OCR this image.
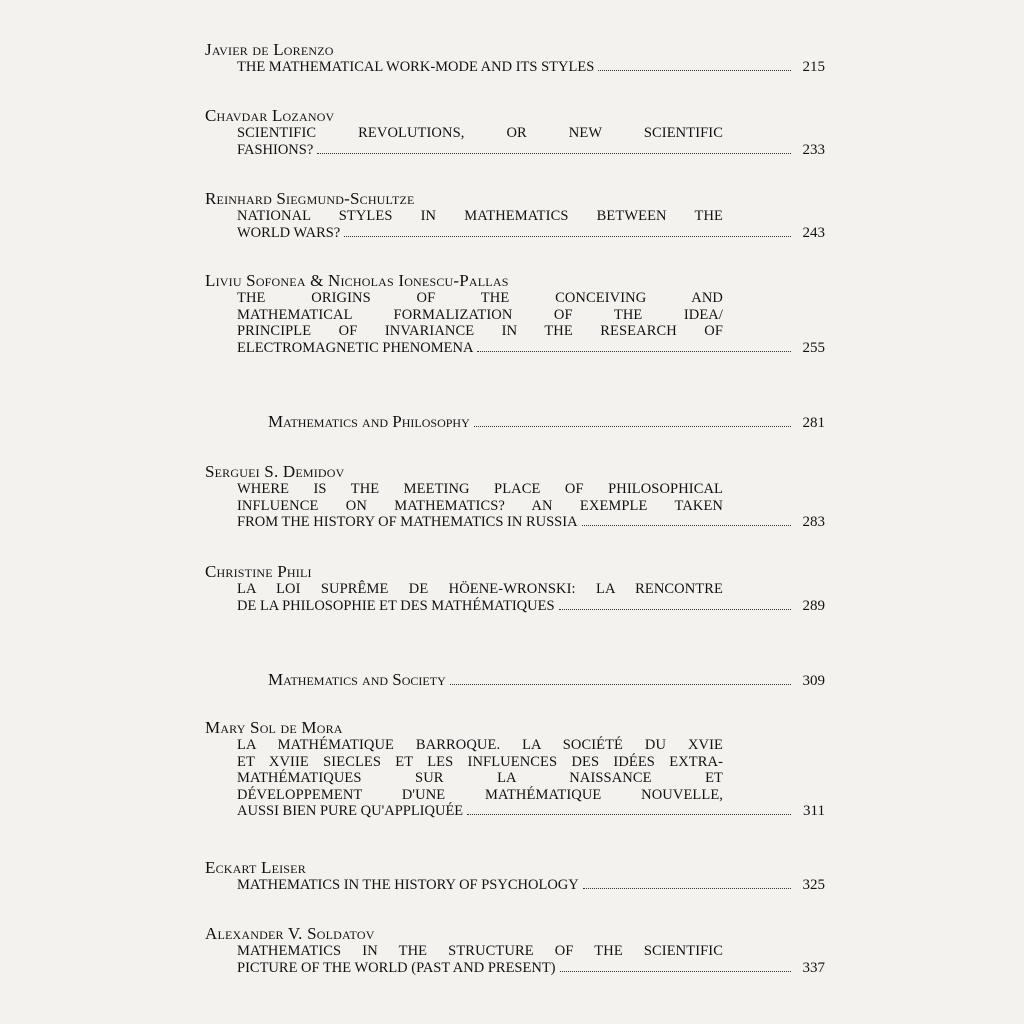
Javier de Lorenzo
THE MATHEMATICAL WORK-MODE AND ITS STYLES	215
Chavdar Lozanov
SCIENTIFIC REVOLUTIONS, OR NEW SCIENTIFIC
FASHIONS?	233
Reinhard Siegmund-Schultze
NATIONAL STYLES IN MATHEMATICS BETWEEN THE
WORLD WARS?	243
Liviu Sofonea & Nicholas Ionescu-Pallas
THE ORIGINS OF THE CONCEIVING AND
MATHEMATICAL FORMALIZATION OF THE IDEA/
PRINCIPLE OF INVARIANCE IN THE RESEARCH OF
ELECTROMAGNETIC PHENOMENA	255
Mathematics and Philosophy	281
Serguei S. Demidov
WHERE IS THE MEETING PLACE OF PHILOSOPHICAL
INFLUENCE ON MATHEMATICS? AN EXEMPLE TAKEN
FROM THE HISTORY OF MATHEMATICS IN RUSSIA	283
Christine Phili
LA LOI SUPRÊME DE HÖENE-WRONSKI: LA RENCONTRE
DE LA PHILOSOPHIE ET DES MATHÉMATIQUES	289
Mathematics and Society	309
Mary Sol de Mora
LA MATHÉMATIQUE BARROQUE. LA SOCIÉTÉ DU XVIE
ET XVIIE SIECLES ET LES INFLUENCES DES IDÉES EXTRA-
MATHÉMATIQUES SUR LA NAISSANCE ET
DÉVELOPPEMENT D'UNE MATHÉMATIQUE NOUVELLE,
AUSSI BIEN PURE QU'APPLIQUÉE	311
Eckart Leiser
MATHEMATICS IN THE HISTORY OF PSYCHOLOGY	325
Alexander V. Soldatov
MATHEMATICS IN THE STRUCTURE OF THE SCIENTIFIC
PICTURE OF THE WORLD (PAST AND PRESENT)	337
